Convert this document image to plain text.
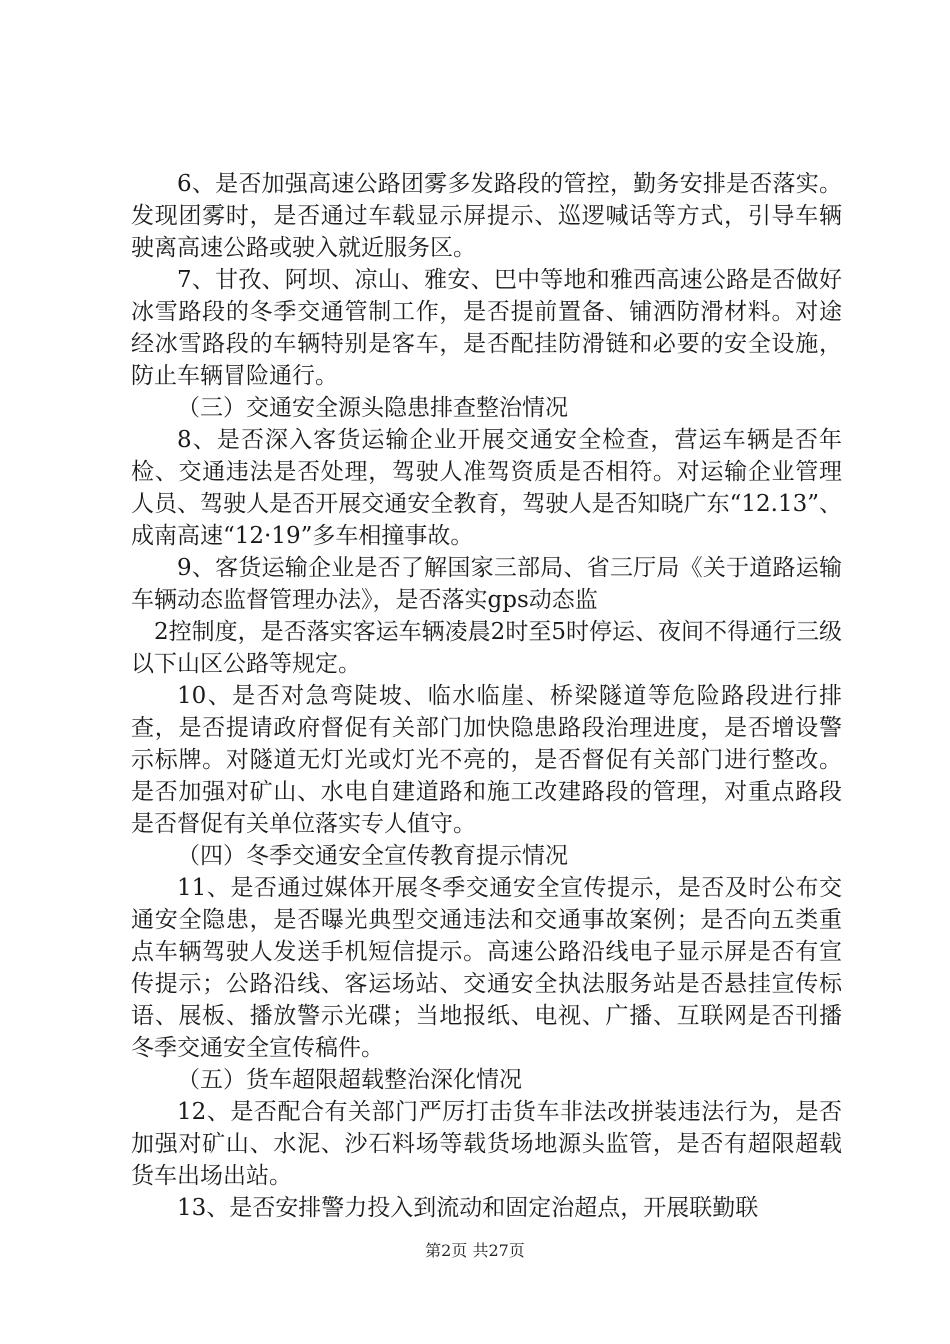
6、是否加强高速公路团雾多发路段的管控，勤务安排是否落实。发现团雾时，是否通过车载显示屏提示、巡逻喊话等方式，引导车辆驶离高速公路或驶入就近服务区。

7、甘孜、阿坝、凉山、雅安、巴中等地和雅西高速公路是否做好冰雪路段的冬季交通管制工作，是否提前置备、铺洒防滑材料。对途经冰雪路段的车辆特别是客车，是否配挂防滑链和必要的安全设施，防止车辆冒险通行。

（三）交通安全源头隐患排查整治情况

8、是否深入客货运输企业开展交通安全检查，营运车辆是否年检、交通违法是否处理，驾驶人准驾资质是否相符。对运输企业管理人员、驾驶人是否开展交通安全教育，驾驶人是否知晓广东“12.13”、成南高速“12·19”多车相撞事故。

9、客货运输企业是否了解国家三部局、省三厅局《关于道路运输车辆动态监督管理办法》，是否落实gps动态监

2控制度，是否落实客运车辆凌晨2时至5时停运、夜间不得通行三级以下山区公路等规定。

10、是否对急弯陡坡、临水临崖、桥梁隧道等危险路段进行排查，是否提请政府督促有关部门加快隐患路段治理进度，是否增设警示标牌。对隧道无灯光或灯光不亮的，是否督促有关部门进行整改。是否加强对矿山、水电自建道路和施工改建路段的管理，对重点路段是否督促有关单位落实专人值守。

（四）冬季交通安全宣传教育提示情况

11、是否通过媒体开展冬季交通安全宣传提示，是否及时公布交通安全隐患，是否曝光典型交通违法和交通事故案例；是否向五类重点车辆驾驶人发送手机短信提示。高速公路沿线电子显示屏是否有宣传提示；公路沿线、客运场站、交通安全执法服务站是否悬挂宣传标语、展板、播放警示光碟；当地报纸、电视、广播、互联网是否刊播冬季交通安全宣传稿件。

（五）货车超限超载整治深化情况

12、是否配合有关部门严厉打击货车非法改拼装违法行为，是否加强对矿山、水泥、沙石料场等载货场地源头监管，是否有超限超载货车出场出站。

13、是否安排警力投入到流动和固定治超点，开展联勤联

第2页 共27页
